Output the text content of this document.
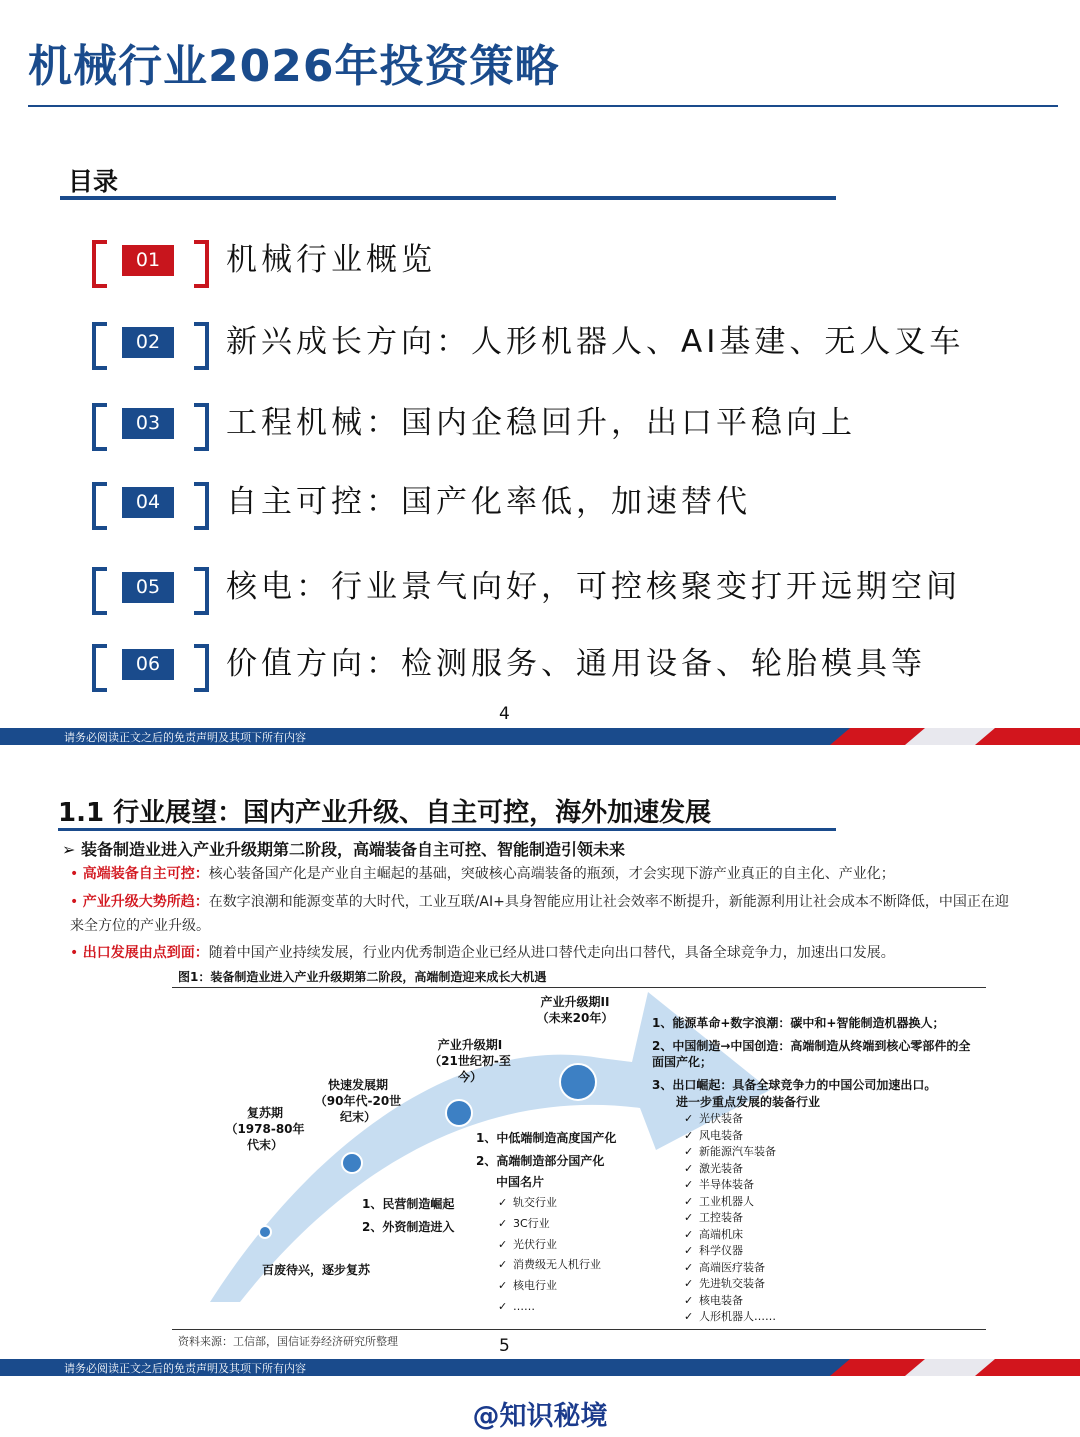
机械行业2026年投资策略
目录
01	机械行业概览
02	新兴成长方向：人形机器人、AI基建、无人叉车
03	工程机械：国内企稳回升，出口平稳向上
04	自主可控：国产化率低，加速替代
05	核电：行业景气向好，可控核聚变打开远期空间
06	价值方向：检测服务、通用设备、轮胎模具等
4
请务必阅读正文之后的免责声明及其项下所有内容
1.1 行业展望：国内产业升级、自主可控，海外加速发展
➢ 装备制造业进入产业升级期第二阶段，高端装备自主可控、智能制造引领未来
• 高端装备自主可控：核心装备国产化是产业自主崛起的基础，突破核心高端装备的瓶颈，才会实现下游产业真正的自主化、产业化；
• 产业升级大势所趋：在数字浪潮和能源变革的大时代，工业互联/AI+具身智能应用让社会效率不断提升，新能源利用让社会成本不断降低，中国正在迎来全方位的产业升级。
• 出口发展由点到面：随着中国产业持续发展，行业内优秀制造企业已经从进口替代走向出口替代，具备全球竞争力，加速出口发展。
图1：装备制造业进入产业升级期第二阶段，高端制造迎来成长大机遇
复苏期
（1978-80年
代末）
快速发展期
（90年代-20世
纪末）
产业升级期I
（21世纪初-至
今）
产业升级期II
（未来20年）
百废待兴，逐步复苏
1、民营制造崛起
2、外资制造进入
1、中低端制造高度国产化
2、高端制造部分国产化
中国名片
✓ 轨交行业
✓ 3C行业
✓ 光伏行业
✓ 消费级无人机行业
✓ 核电行业
✓ ……
1、能源革命+数字浪潮：碳中和+智能制造机器换人；
2、中国制造→中国创造：高端制造从终端到核心零部件的全面国产化；
3、出口崛起：具备全球竞争力的中国公司加速出口。
进一步重点发展的装备行业
✓ 光伏装备
✓ 风电装备
✓ 新能源汽车装备
✓ 激光装备
✓ 半导体装备
✓ 工业机器人
✓ 工控装备
✓ 高端机床
✓ 科学仪器
✓ 高端医疗装备
✓ 先进轨交装备
✓ 核电装备
✓ 人形机器人……
资料来源：工信部，国信证券经济研究所整理	5
请务必阅读正文之后的免责声明及其项下所有内容
@知识秘境
